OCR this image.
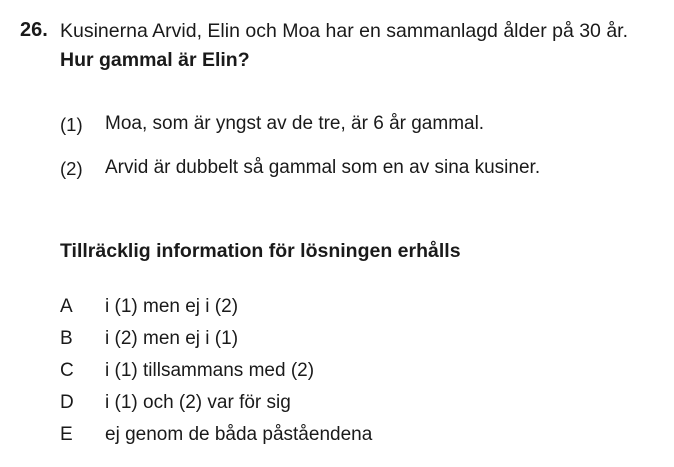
26. Kusinerna Arvid, Elin och Moa har en sammanlagd ålder på 30 år.
Hur gammal är Elin?
(1) Moa, som är yngst av de tre, är 6 år gammal.
(2) Arvid är dubbelt så gammal som en av sina kusiner.
Tillräcklig information för lösningen erhålls
A i (1) men ej i (2)
B i (2) men ej i (1)
C i (1) tillsammans med (2)
D i (1) och (2) var för sig
E ej genom de båda påståendena
